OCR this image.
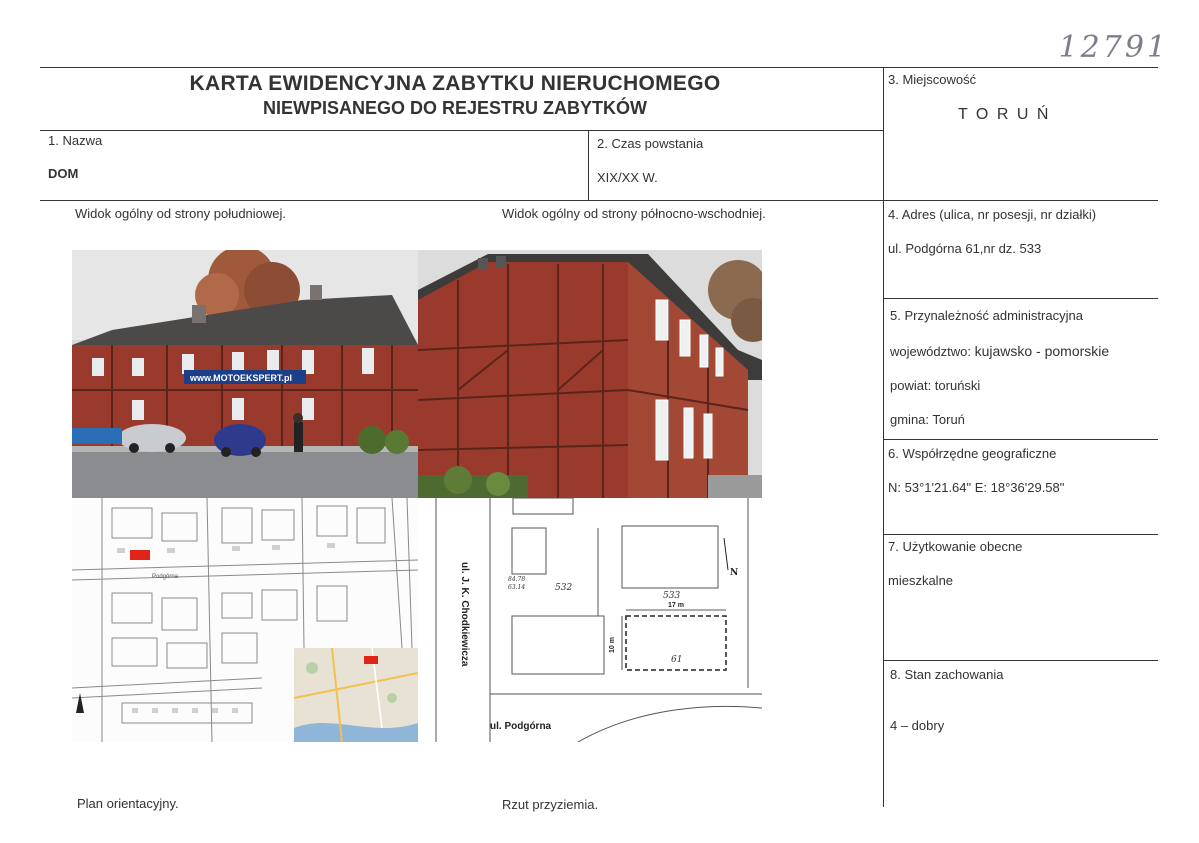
12791
KARTA EWIDENCYJNA ZABYTKU NIERUCHOMEGO
NIEWPISANEGO DO REJESTRU ZABYTKÓW
1. Nazwa
DOM
2. Czas powstania
XIX/XX W.
3. Miejscowość
T O R U Ń
4. Adres (ulica, nr posesji, nr działki)
ul. Podgórna 61,nr dz. 533
5. Przynależność administracyjna
województwo: kujawsko - pomorskie
powiat: toruński
gmina: Toruń
6. Współrzędne geograficzne
N: 53°1'21.64" E: 18°36'29.58"
7. Użytkowanie obecne
mieszkalne
8. Stan zachowania
4 – dobry
Widok ogólny od strony południowej.	Widok ogólny od strony północno-wschodniej.
www.MOTOEKSPERT.pl
Podgórna
17 m
10 m
533
532
61
84.78
63.14
N
ul. J. K. Chodkiewicza
ul. Podgórna
Plan orientacyjny.	Rzut przyziemia.
